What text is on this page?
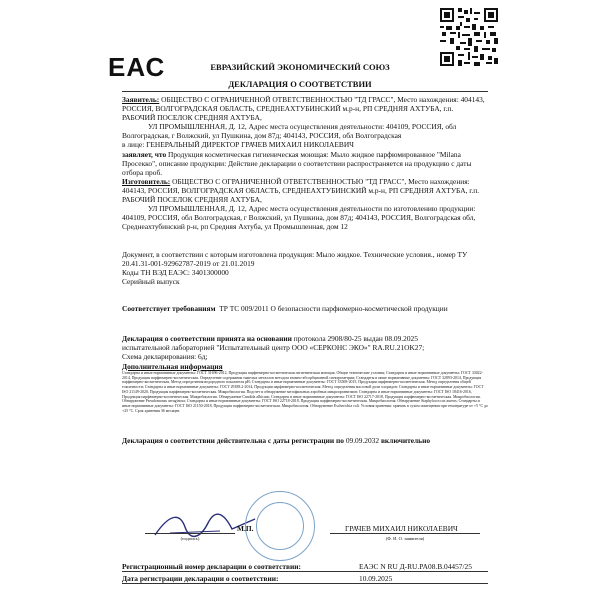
ЕАС	ЕВРАЗИЙСКИЙ ЭКОНОМИЧЕСКИЙ СОЮЗ
ДЕКЛАРАЦИЯ О СООТВЕТСТВИИ
Заявитель: ОБЩЕСТВО С ОГРАНИЧЕННОЙ ОТВЕТСТВЕННОСТЬЮ "ТД ГРАСС", Место нахождения: 404143, РОССИЯ, ВОЛГОГРАДСКАЯ ОБЛАСТЬ, СРЕДНЕАХТУБИНСКИЙ м.р-н, РП СРЕДНЯЯ АХТУБА, г.п. РАБОЧИЙ ПОСЕЛОК СРЕДНЯЯ АХТУБА,
УЛ ПРОМЫШЛЕННАЯ, Д. 12, Адрес места осуществления деятельности: 404109, РОССИЯ, обл Волгоградская, г Волжский, ул Пушкина, дом 87д; 404143, РОССИЯ, обл Волгоградская
в лице: ГЕНЕРАЛЬНЫЙ ДИРЕКТОР ГРАЧЕВ МИХАИЛ НИКОЛАЕВИЧ
заявляет, что Продукция косметическая гигиеническая моющая: Мыло жидкое парфюмированное "Milana Просекко", описание продукции: Действие декларации о соответствии распространяется на продукцию с даты отбора проб.
Изготовитель: ОБЩЕСТВО С ОГРАНИЧЕННОЙ ОТВЕТСТВЕННОСТЬЮ "ТД ГРАСС", Место нахождения: 404143, РОССИЯ, ВОЛГОГРАДСКАЯ ОБЛАСТЬ, СРЕДНЕАХТУБИНСКИЙ м.р-н, РП СРЕДНЯЯ АХТУБА, г.п. РАБОЧИЙ ПОСЕЛОК СРЕДНЯЯ АХТУБА,
УЛ ПРОМЫШЛЕННАЯ, Д. 12, Адрес места осуществления деятельности по изготовлению продукции: 404109, РОССИЯ, обл Волгоградская, г Волжский, ул Пушкина, дом 87д; 404143, РОССИЯ, Волгоградская обл, Среднеахтубинский р-н, рп Средняя Ахтуба, ул Промышленная, дом 12
Документ, в соответствии с которым изготовлена продукция: Мыло жидкое. Технические условия., номер ТУ 20.41.31-001-92962787-2019 от 21.01.2019
Коды ТН ВЭД ЕАЭС: 3401300000
Серийный выпуск
Соответствует требованиям ТР ТС 009/2011 О безопасности парфюмерно-косметической продукции
Декларация о соответствии принята на основании протокола 2908/80-25 выдан 08.09.2025
испытательной лабораторией "Испытательный центр ООО «СЕРКОНС ЭКО»" RA.RU.21OK27;
Схема декларирования: 6д;
Дополнительная информация
Стандарты и иные нормативные документы: ГОСТ 31696-2012, Продукция парфюмерно-косметическая гигиеническая моющая. Общие технические условия; Стандарты и иные нормативные документы: ГОСТ 33022-2014, Продукция парфюмерно-косметическая. Определение содержания тяжелых металлов методом атомно-абсорбционной спектрометрии; Стандарты и иные нормативные документы: ГОСТ 32893-2014, Продукция парфюмерно-косметическая. Метод определения водородного показателя pH; Стандарты и иные нормативные документы: ГОСТ 33508-2015, Продукция парфюмерно-косметическая. Метод определения общей токсичности; Стандарты и иные нормативные документы: ГОСТ 29188.2-2014, Продукция парфюмерно-косметическая. Метод определения массовой доли хлоридов; Стандарты и иные нормативные документы: ГОСТ ISO 21149-2020, Продукция парфюмерно-косметическая. Микробиология. Подсчет и обнаружение мезофильных аэробных микроорганизмов; Стандарты и иные нормативные документы: ГОСТ ISO 18416-2016, Продукция парфюмерно-косметическая. Микробиология. Обнаружение Candida albicans; Стандарты и иные нормативные документы: ГОСТ ISO 22717-2018, Продукция парфюмерно-косметическая. Микробиология. Обнаружение Pseudomonas aeruginosa; Стандарты и иные нормативные документы: ГОСТ ISO 22718-2018, Продукция парфюмерно-косметическая. Микробиология. Обнаружение Staphylococcus aureus; Стандарты и иные нормативные документы: ГОСТ ISO 21150-2018, Продукция парфюмерно-косметическая. Микробиология. Обнаружение Escherichia coli. Условия хранения: хранить в сухом помещении при температуре от +5 °С до +25 °С. Срок хранения 36 месяцев.
Декларация о соответствии действительна с даты регистрации по 09.09.2032 включительно
(подпись)
М.П.	ГРАЧЕВ МИХАИЛ НИКОЛАЕВИЧ
(Ф. И. О. заявителя)
Регистрационный номер декларации о соответствии:	ЕАЭС N RU Д-RU.PA08.B.04457/25
Дата регистрации декларации о соответствии:	10.09.2025
